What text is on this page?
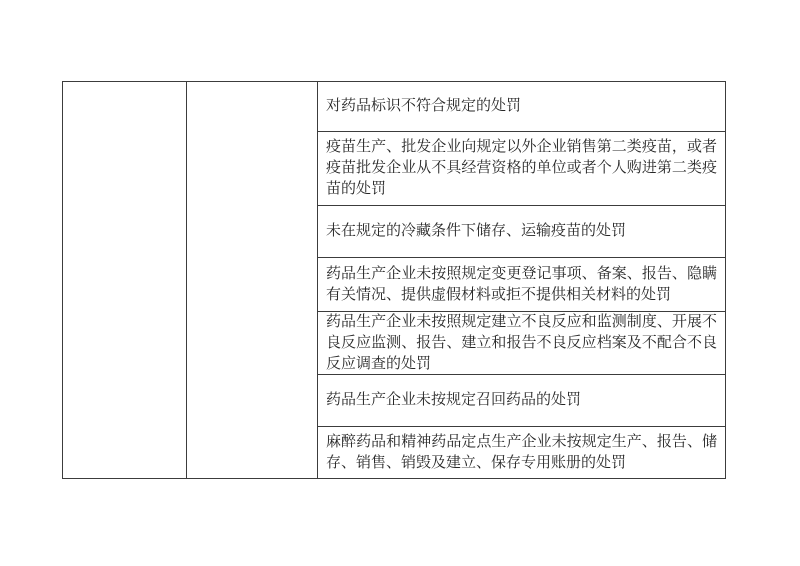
对药品标识不符合规定的处罚
疫苗生产、批发企业向规定以外企业销售第二类疫苗，或者疫苗批发企业从不具经营资格的单位或者个人购进第二类疫苗的处罚
未在规定的冷藏条件下储存、运输疫苗的处罚
药品生产企业未按照规定变更登记事项、备案、报告、隐瞒有关情况、提供虚假材料或拒不提供相关材料的处罚
药品生产企业未按照规定建立不良反应和监测制度、开展不良反应监测、报告、建立和报告不良反应档案及不配合不良反应调查的处罚
药品生产企业未按规定召回药品的处罚
麻醉药品和精神药品定点生产企业未按规定生产、报告、储存、销售、销毁及建立、保存专用账册的处罚
